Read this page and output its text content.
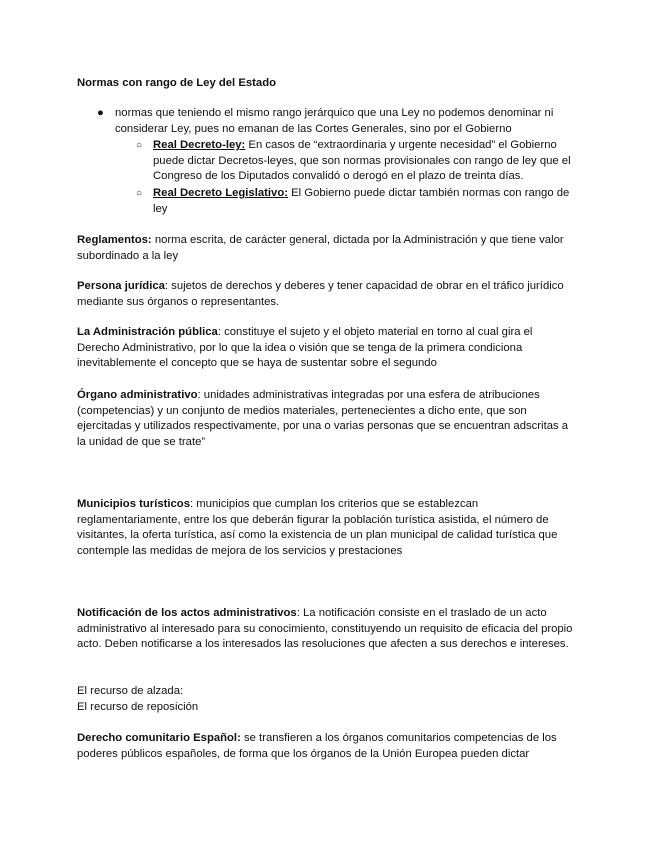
Normas con rango de Ley del Estado
● normas que teniendo el mismo rango jerárquico que una Ley no podemos denominar ni considerar Ley, pues no emanan de las Cortes Generales, sino por el Gobierno
○ Real Decreto-ley: En casos de “extraordinaria y urgente necesidad” el Gobierno puede dictar Decretos-leyes, que son normas provisionales con rango de ley que el Congreso de los Diputados convalidó o derogó en el plazo de treinta días.
○ Real Decreto Legislativo: El Gobierno puede dictar también normas con rango de ley
Reglamentos: norma escrita, de carácter general, dictada por la Administración y que tiene valor subordinado a la ley
Persona jurídica: sujetos de derechos y deberes y tener capacidad de obrar en el tráfico jurídico mediante sus órganos o representantes.
La Administración pública: constituye el sujeto y el objeto material en torno al cual gira el Derecho Administrativo, por lo que la idea o visión que se tenga de la primera condiciona inevitablemente el concepto que se haya de sustentar sobre el segundo
Órgano administrativo: unidades administrativas integradas por una esfera de atribuciones (competencias) y un conjunto de medios materiales, pertenecientes a dicho ente, que son ejercitadas y utilizados respectivamente, por una o varias personas que se encuentran adscritas a la unidad de que se trate”
Municipios turísticos: municipios que cumplan los criterios que se establezcan reglamentariamente, entre los que deberán figurar la población turística asistida, el número de visitantes, la oferta turística, así como la existencia de un plan municipal de calidad turística que contemple las medidas de mejora de los servicios y prestaciones
Notificación de los actos administrativos: La notificación consiste en el traslado de un acto administrativo al interesado para su conocimiento, constituyendo un requisito de eficacia del propio acto. Deben notificarse a los interesados las resoluciones que afecten a sus derechos e intereses.
El recurso de alzada:
El recurso de reposición
Derecho comunitario Español: se transfieren a los órganos comunitarios competencias de los poderes públicos españoles, de forma que los órganos de la Unión Europea pueden dictar
